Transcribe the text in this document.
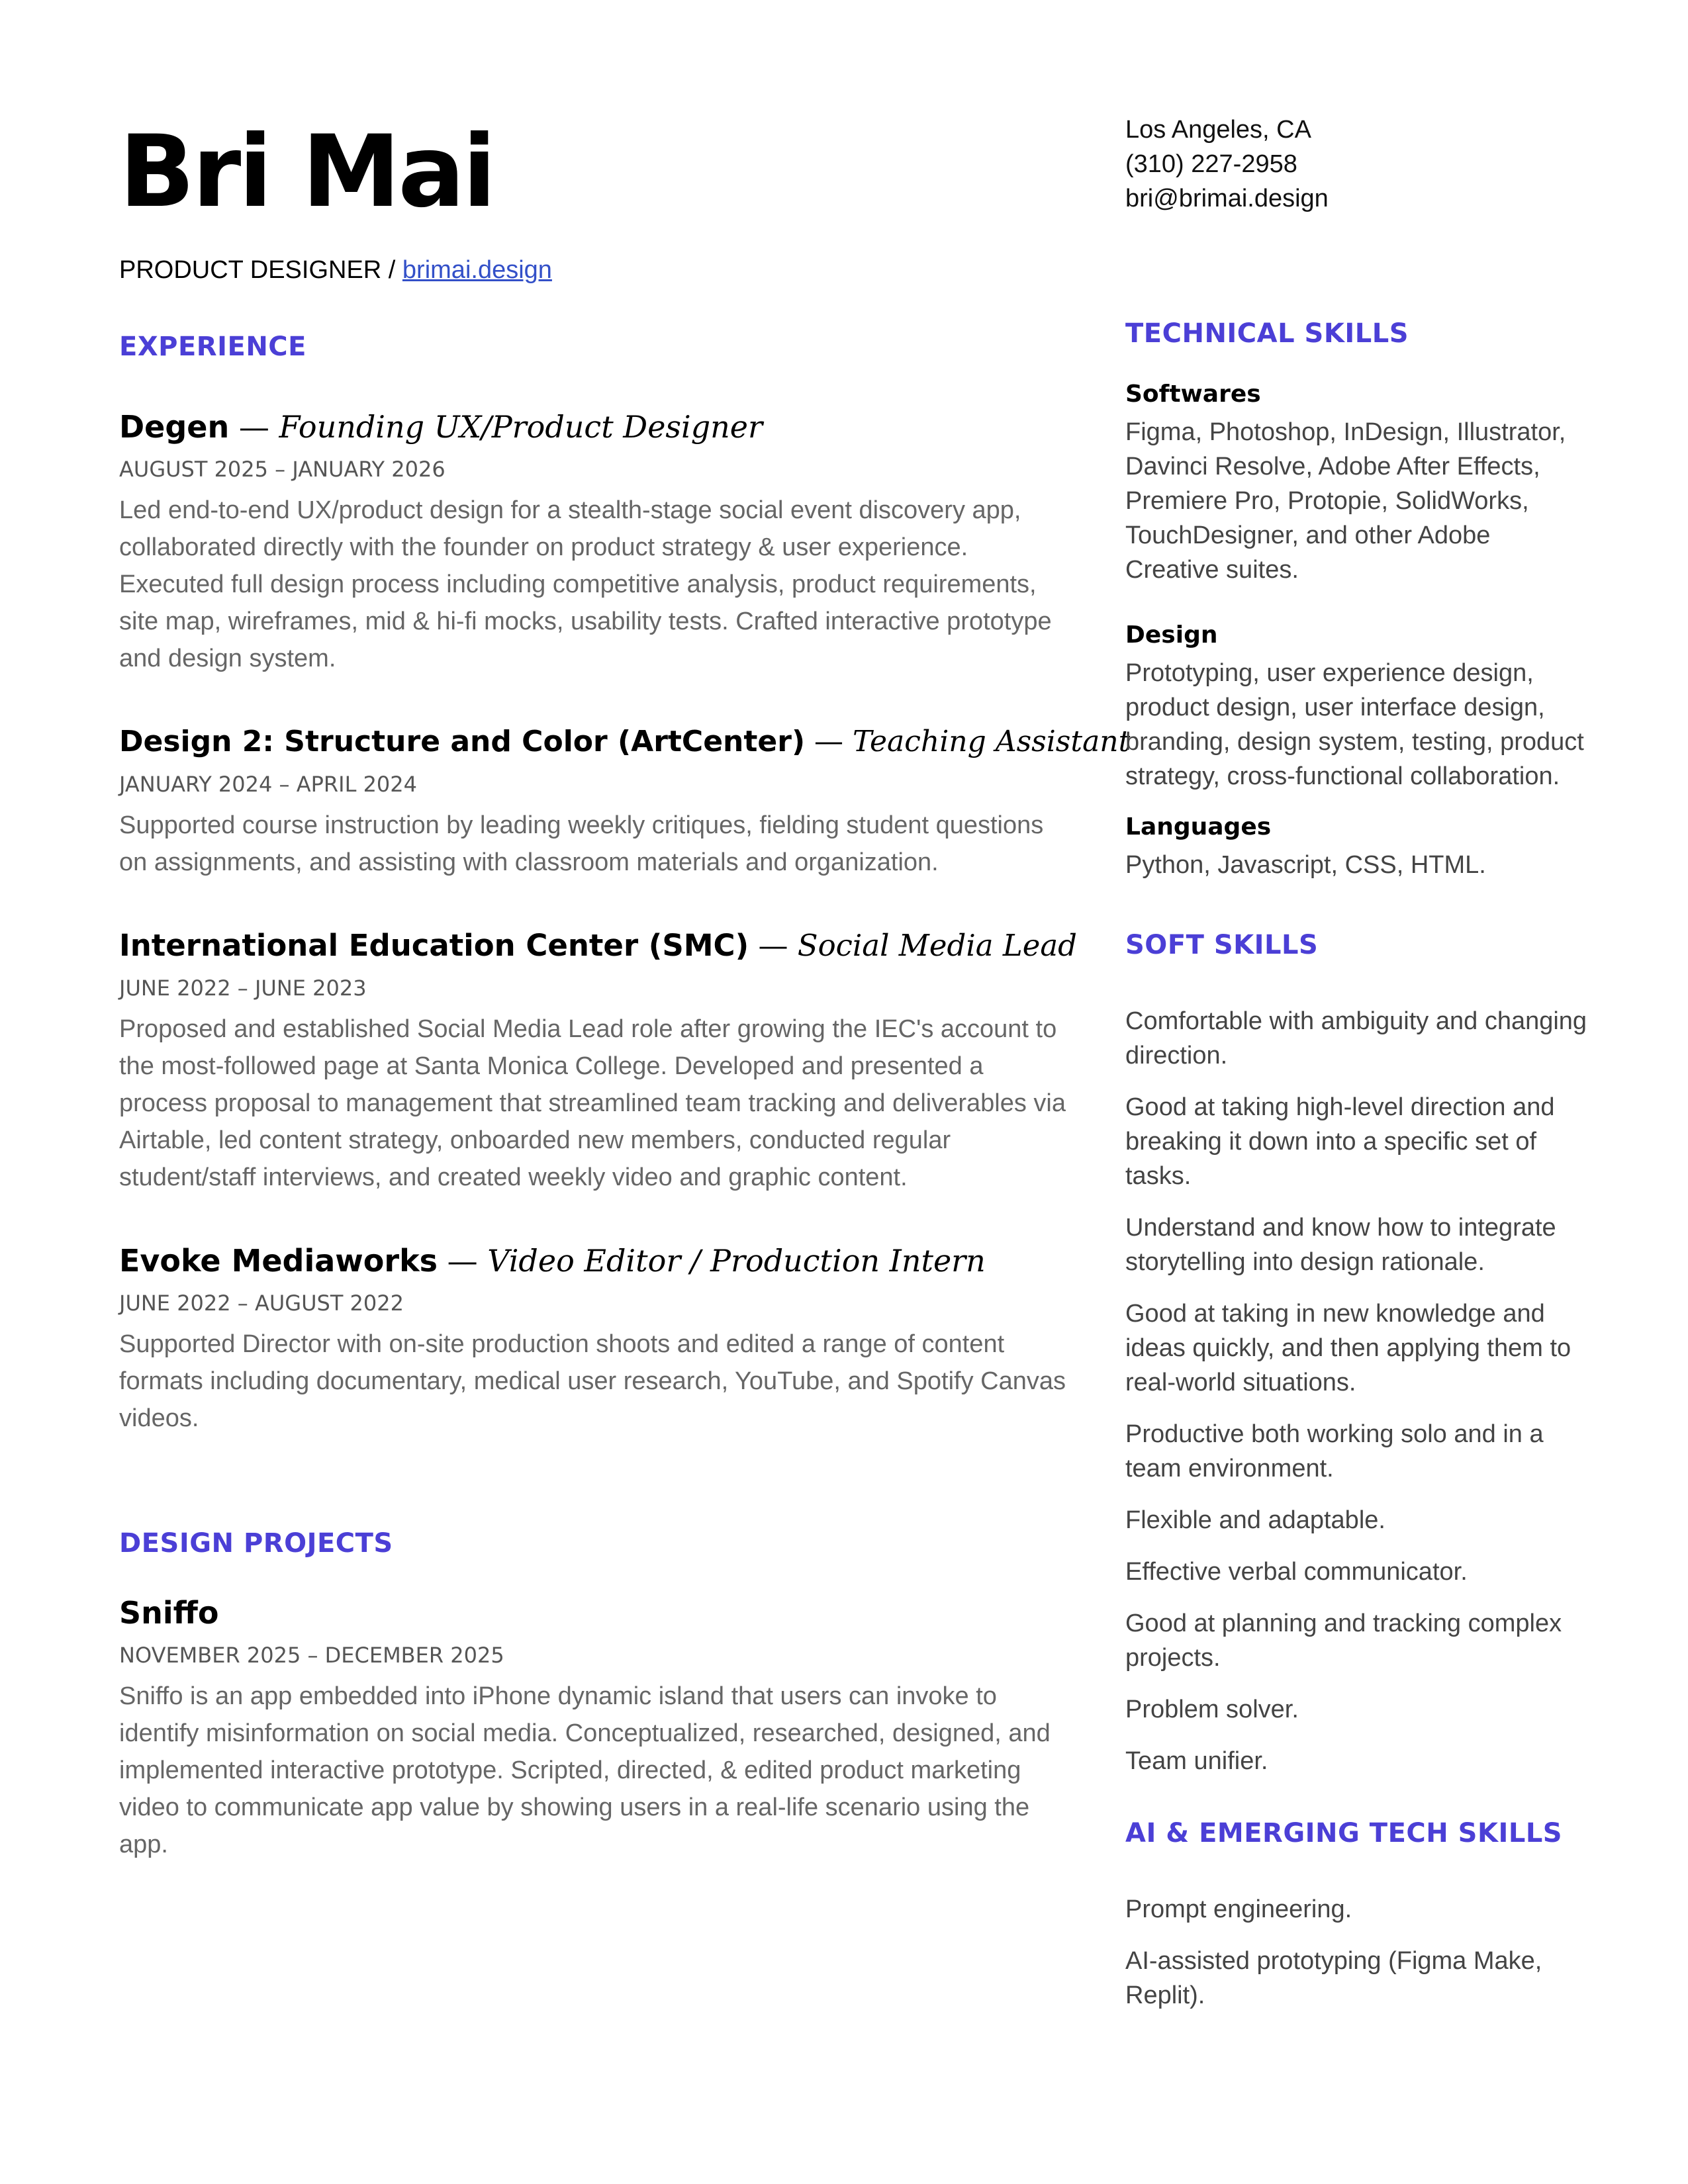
Bri Mai
PRODUCT DESIGNER / brimai.design
EXPERIENCE
Degen — Founding UX/Product Designer
AUGUST 2025 – JANUARY 2026
Led end-to-end UX/product design for a stealth-stage social event discovery app, collaborated directly with the founder on product strategy & user experience. Executed full design process including competitive analysis, product requirements, site map, wireframes, mid & hi-fi mocks, usability tests. Crafted interactive prototype and design system.
Design 2: Structure and Color (ArtCenter) — Teaching Assistant
JANUARY 2024 – APRIL 2024
Supported course instruction by leading weekly critiques, fielding student questions on assignments, and assisting with classroom materials and organization.
International Education Center (SMC) — Social Media Lead
JUNE 2022 – JUNE 2023
Proposed and established Social Media Lead role after growing the IEC's account to the most-followed page at Santa Monica College. Developed and presented a process proposal to management that streamlined team tracking and deliverables via Airtable, led content strategy, onboarded new members, conducted regular student/staff interviews, and created weekly video and graphic content.
Evoke Mediaworks — Video Editor / Production Intern
JUNE 2022 – AUGUST 2022
Supported Director with on-site production shoots and edited a range of content formats including documentary, medical user research, YouTube, and Spotify Canvas videos.
DESIGN PROJECTS
Sniffo
NOVEMBER 2025 – DECEMBER 2025
Sniffo is an app embedded into iPhone dynamic island that users can invoke to identify misinformation on social media. Conceptualized, researched, designed, and implemented interactive prototype. Scripted, directed, & edited product marketing video to communicate app value by showing users in a real-life scenario using the app.
Los Angeles, CA
(310) 227-2958
bri@brimai.design
TECHNICAL SKILLS
Softwares
Figma, Photoshop, InDesign, Illustrator, Davinci Resolve, Adobe After Effects, Premiere Pro, Protopie, SolidWorks, TouchDesigner, and other Adobe Creative suites.
Design
Prototyping, user experience design, product design, user interface design, branding, design system, testing, product strategy, cross-functional collaboration.
Languages
Python, Javascript, CSS, HTML.
SOFT SKILLS
Comfortable with ambiguity and changing direction.
Good at taking high-level direction and breaking it down into a specific set of tasks.
Understand and know how to integrate storytelling into design rationale.
Good at taking in new knowledge and ideas quickly, and then applying them to real-world situations.
Productive both working solo and in a team environment.
Flexible and adaptable.
Effective verbal communicator.
Good at planning and tracking complex projects.
Problem solver.
Team unifier.
AI & EMERGING TECH SKILLS
Prompt engineering.
AI-assisted prototyping (Figma Make, Replit).
